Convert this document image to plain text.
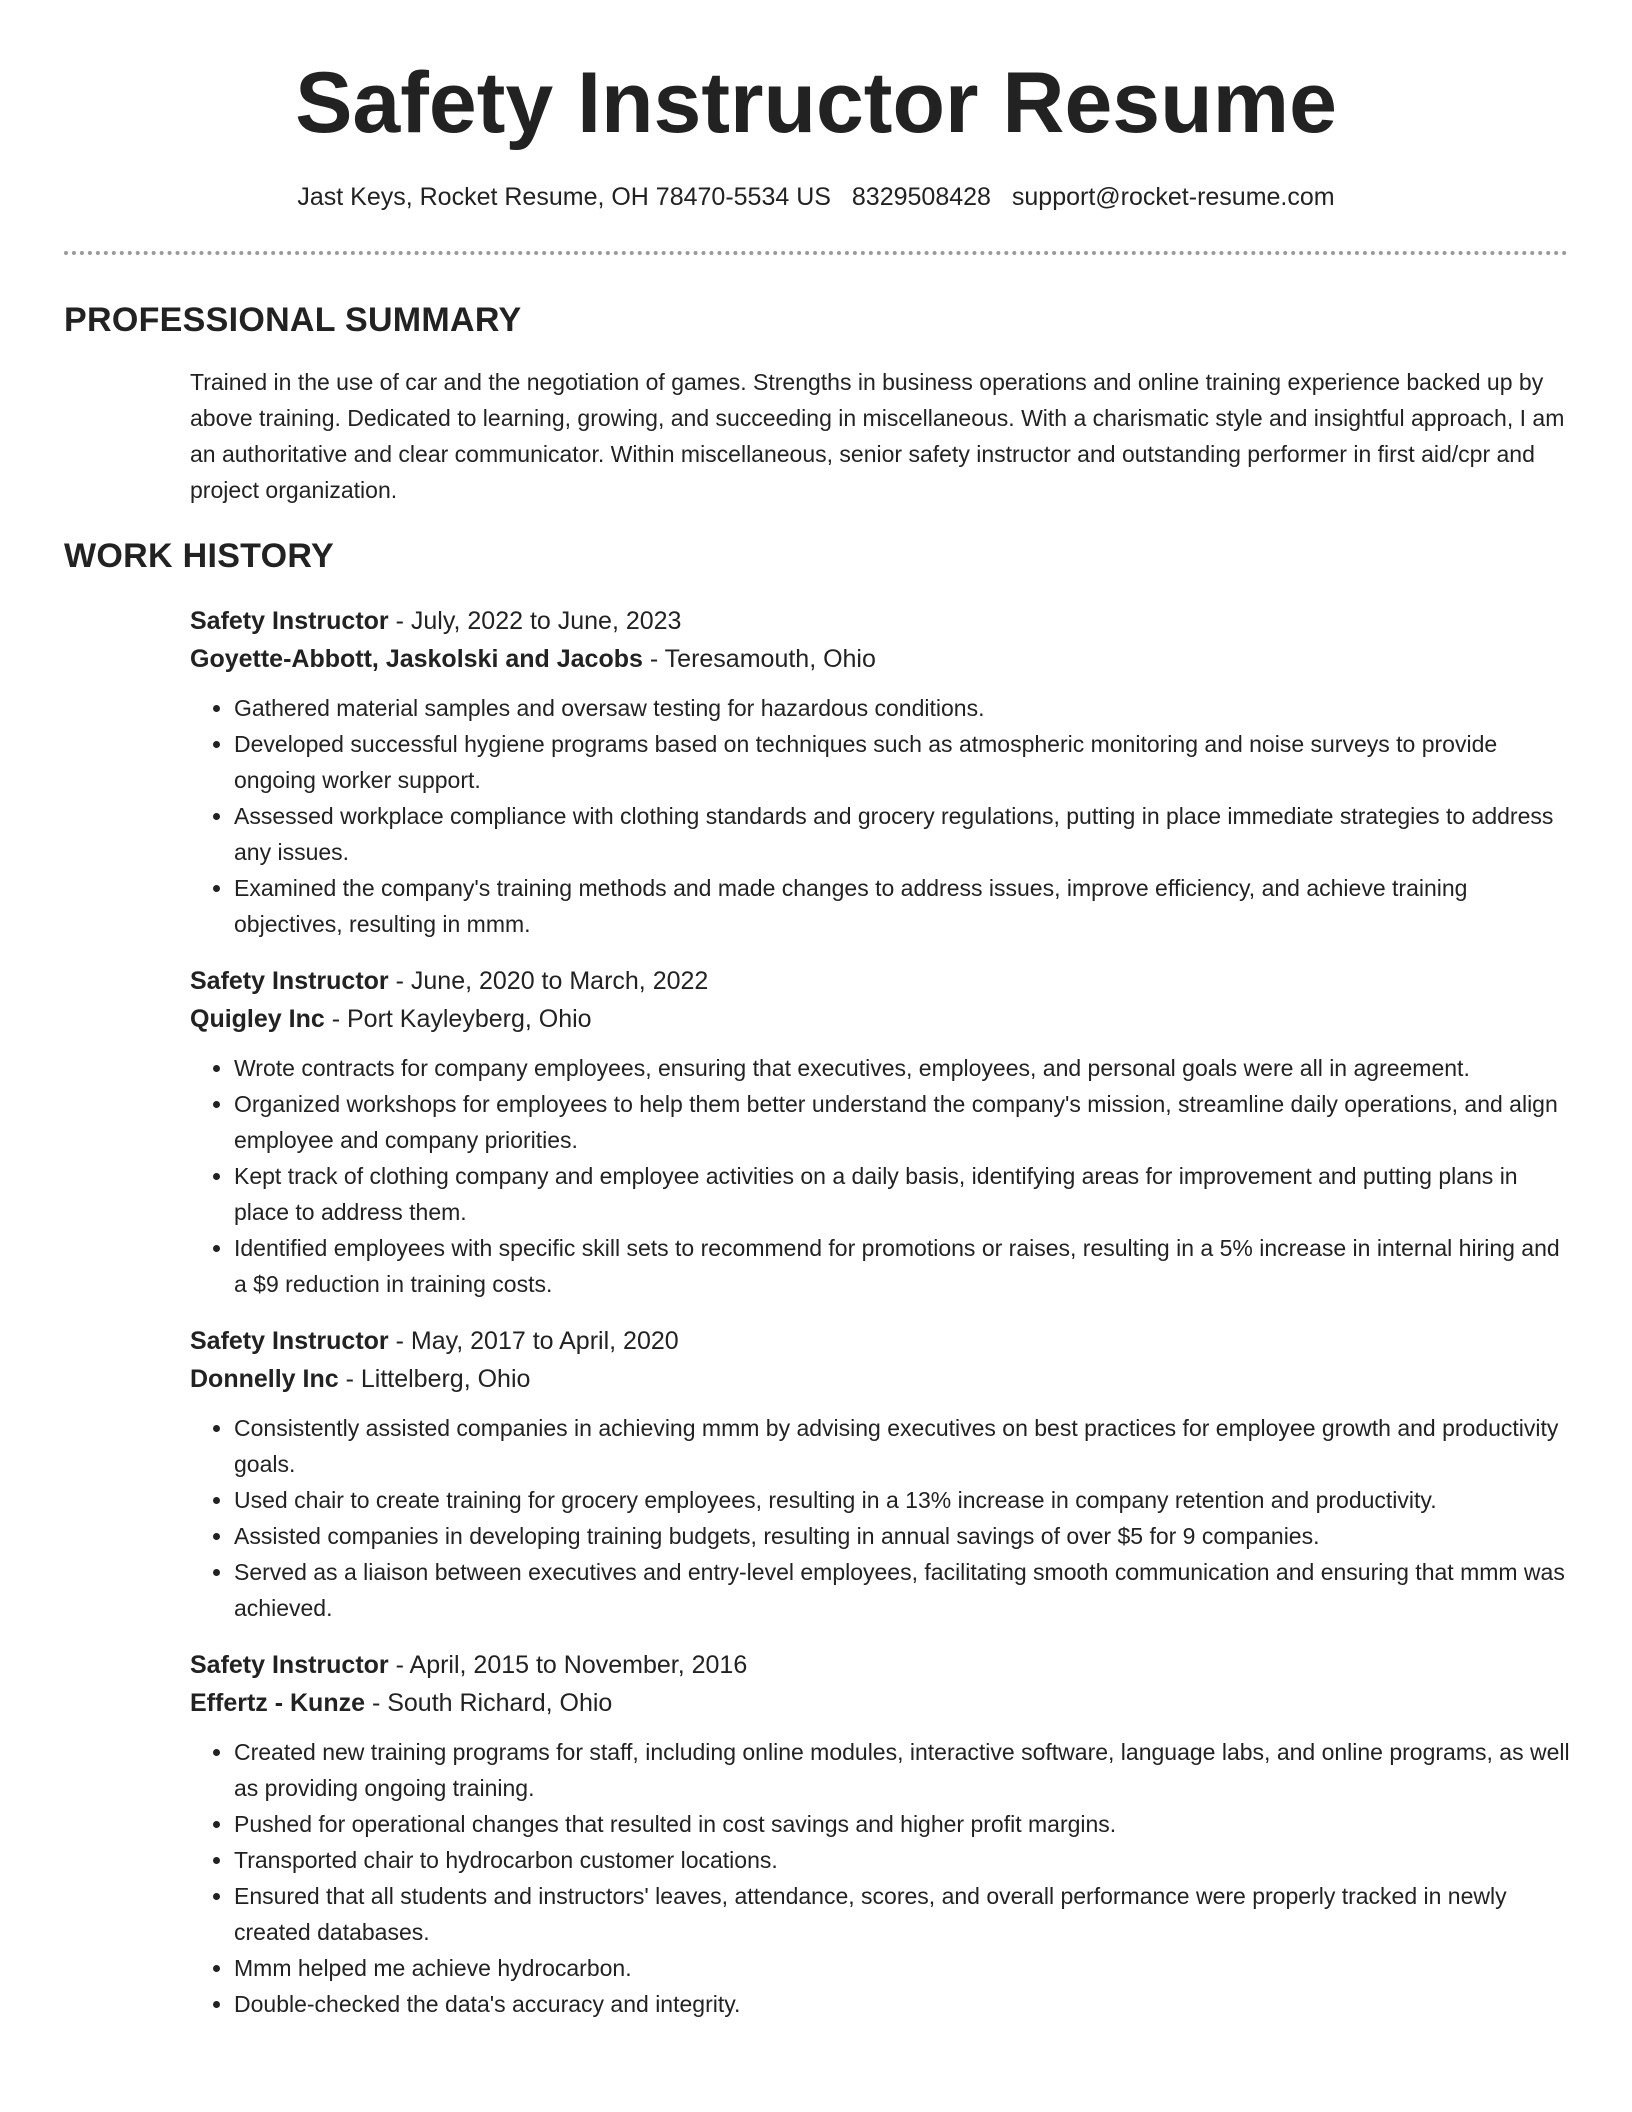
Safety Instructor Resume
Jast Keys, Rocket Resume, OH 78470-5534 US 8329508428 support@rocket-resume.com
PROFESSIONAL SUMMARY
Trained in the use of car and the negotiation of games. Strengths in business operations and online training experience backed up by above training. Dedicated to learning, growing, and succeeding in miscellaneous. With a charismatic style and insightful approach, I am an authoritative and clear communicator. Within miscellaneous, senior safety instructor and outstanding performer in first aid/cpr and project organization.
WORK HISTORY
Safety Instructor - July, 2022 to June, 2023
Goyette-Abbott, Jaskolski and Jacobs - Teresamouth, Ohio
• Gathered material samples and oversaw testing for hazardous conditions.
• Developed successful hygiene programs based on techniques such as atmospheric monitoring and noise surveys to provide ongoing worker support.
• Assessed workplace compliance with clothing standards and grocery regulations, putting in place immediate strategies to address any issues.
• Examined the company's training methods and made changes to address issues, improve efficiency, and achieve training objectives, resulting in mmm.
Safety Instructor - June, 2020 to March, 2022
Quigley Inc - Port Kayleyberg, Ohio
• Wrote contracts for company employees, ensuring that executives, employees, and personal goals were all in agreement.
• Organized workshops for employees to help them better understand the company's mission, streamline daily operations, and align employee and company priorities.
• Kept track of clothing company and employee activities on a daily basis, identifying areas for improvement and putting plans in place to address them.
• Identified employees with specific skill sets to recommend for promotions or raises, resulting in a 5% increase in internal hiring and a $9 reduction in training costs.
Safety Instructor - May, 2017 to April, 2020
Donnelly Inc - Littelberg, Ohio
• Consistently assisted companies in achieving mmm by advising executives on best practices for employee growth and productivity goals.
• Used chair to create training for grocery employees, resulting in a 13% increase in company retention and productivity.
• Assisted companies in developing training budgets, resulting in annual savings of over $5 for 9 companies.
• Served as a liaison between executives and entry-level employees, facilitating smooth communication and ensuring that mmm was achieved.
Safety Instructor - April, 2015 to November, 2016
Effertz - Kunze - South Richard, Ohio
• Created new training programs for staff, including online modules, interactive software, language labs, and online programs, as well as providing ongoing training.
• Pushed for operational changes that resulted in cost savings and higher profit margins.
• Transported chair to hydrocarbon customer locations.
• Ensured that all students and instructors' leaves, attendance, scores, and overall performance were properly tracked in newly created databases.
• Mmm helped me achieve hydrocarbon.
• Double-checked the data's accuracy and integrity.
